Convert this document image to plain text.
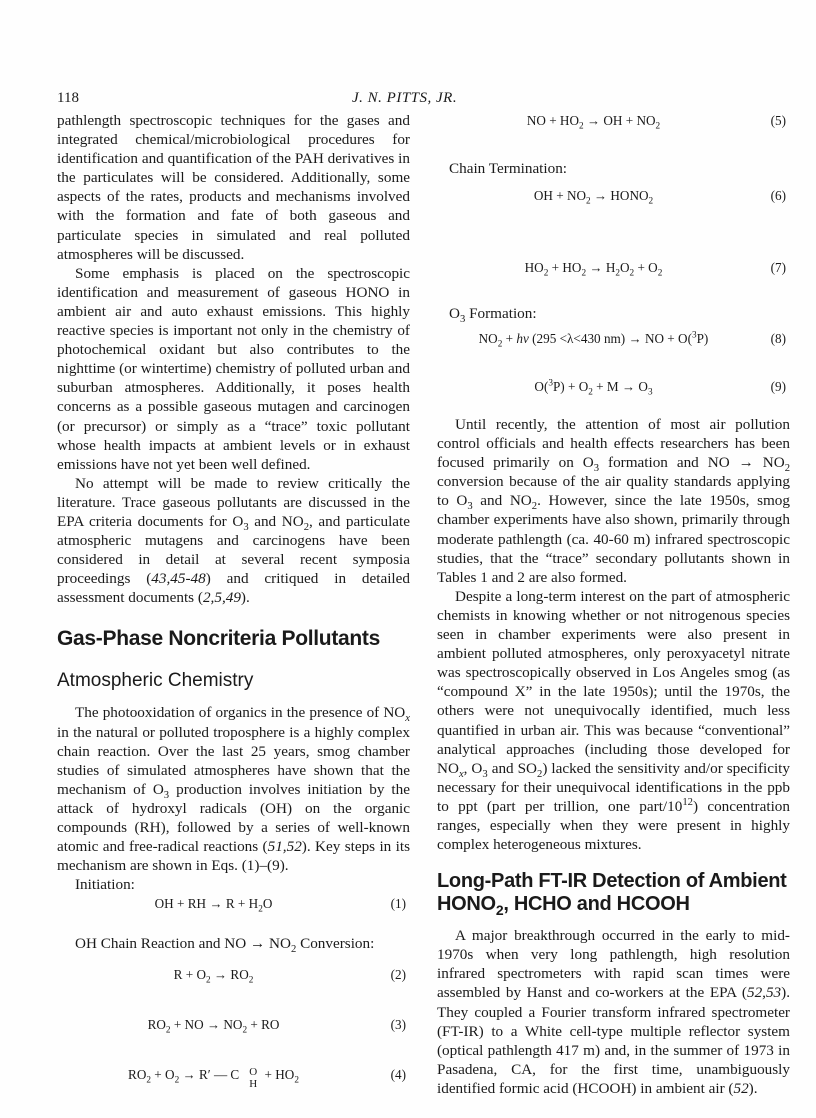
118	J. N. PITTS, JR.

pathlength spectroscopic techniques for the gases and integrated chemical/microbiological procedures for identification and quantification of the PAH derivatives in the particulates will be considered. Additionally, some aspects of the rates, products and mechanisms involved with the formation and fate of both gaseous and particulate species in simulated and real polluted atmospheres will be discussed.

Some emphasis is placed on the spectroscopic identification and measurement of gaseous HONO in ambient air and auto exhaust emissions. This highly reactive species is important not only in the chemistry of photochemical oxidant but also contributes to the nighttime (or wintertime) chemistry of polluted urban and suburban atmospheres. Additionally, it poses health concerns as a possible gaseous mutagen and carcinogen (or precursor) or simply as a “trace” toxic pollutant whose health impacts at ambient levels or in exhaust emissions have not yet been well defined.

No attempt will be made to review critically the literature. Trace gaseous pollutants are discussed in the EPA criteria documents for $O_3$ and $NO_2$, and particulate atmospheric mutagens and carcinogens have been considered in detail at several recent symposia proceedings (43,45-48) and critiqued in detailed assessment documents (2,5,49).

Gas-Phase Noncriteria Pollutants
Atmospheric Chemistry

The photooxidation of organics in the presence of $NO_x$ in the natural or polluted troposphere is a highly complex chain reaction. Over the last 25 years, smog chamber studies of simulated atmospheres have shown that the mechanism of $O_3$ production involves initiation by the attack of hydroxyl radicals (OH) on the organic compounds (RH), followed by a series of well-known atomic and free-radical reactions (51,52). Key steps in its mechanism are shown in Eqs. (1)–(9).

Initiation:

OH + RH → $R + H_2O$	(1)

OH Chain Reaction and NO → $NO_2$ Conversion:

$R + O_2 \to RO_2$	(2)
$RO_2$ + NO → $NO_2$ + RO	(3)
$RO_2 + O_2 \to R'$ — C O
H
+ $HO_2$	(4)
NO + $HO_2$ → OH + $NO_2$	(5)

Chain Termination:

OH + $NO_2$ → $HONO_2$	(6)
$HO_2 + HO_2 \to H_2O_2 + O_2$	(7)

$O_3$ Formation:

$NO_2 + h\nu$ (295 <λ<430 nm) → NO + O($^3$P)	(8)
$O(^3P) + O_2 + M \to O_3$	(9)

Until recently, the attention of most air pollution control officials and health effects researchers has been focused primarily on $O_3$ formation and NO → $NO_2$ conversion because of the air quality standards applying to $O_3$ and $NO_2$. However, since the late 1950s, smog chamber experiments have also shown, primarily through moderate pathlength (ca. 40-60 m) infrared spectroscopic studies, that the “trace” secondary pollutants shown in Tables 1 and 2 are also formed.

Despite a long-term interest on the part of atmospheric chemists in knowing whether or not nitrogenous species seen in chamber experiments were also present in ambient polluted atmospheres, only peroxyacetyl nitrate was spectroscopically observed in Los Angeles smog (as “compound X” in the late 1950s); until the 1970s, the others were not unequivocally identified, much less quantified in urban air. This was because “conventional” analytical approaches (including those developed for $NO_x$, $O_3$ and $SO_2$) lacked the sensitivity and/or specificity necessary for their unequivocal identifications in the ppb to ppt (part per trillion, one part/$10^{12}$) concentration ranges, especially when they were present in highly complex heterogeneous mixtures.

Long-Path FT-IR Detection of Ambient $HONO_2$, HCHO and HCOOH

A major breakthrough occurred in the early to mid-1970s when very long pathlength, high resolution infrared spectrometers with rapid scan times were assembled by Hanst and co-workers at the EPA (52,53). They coupled a Fourier transform infrared spectrometer (FT-IR) to a White cell-type multiple reflector system (optical pathlength 417 m) and, in the summer of 1973 in Pasadena, CA, for the first time, unambiguously identified formic acid (HCOOH) in ambient air (52).
